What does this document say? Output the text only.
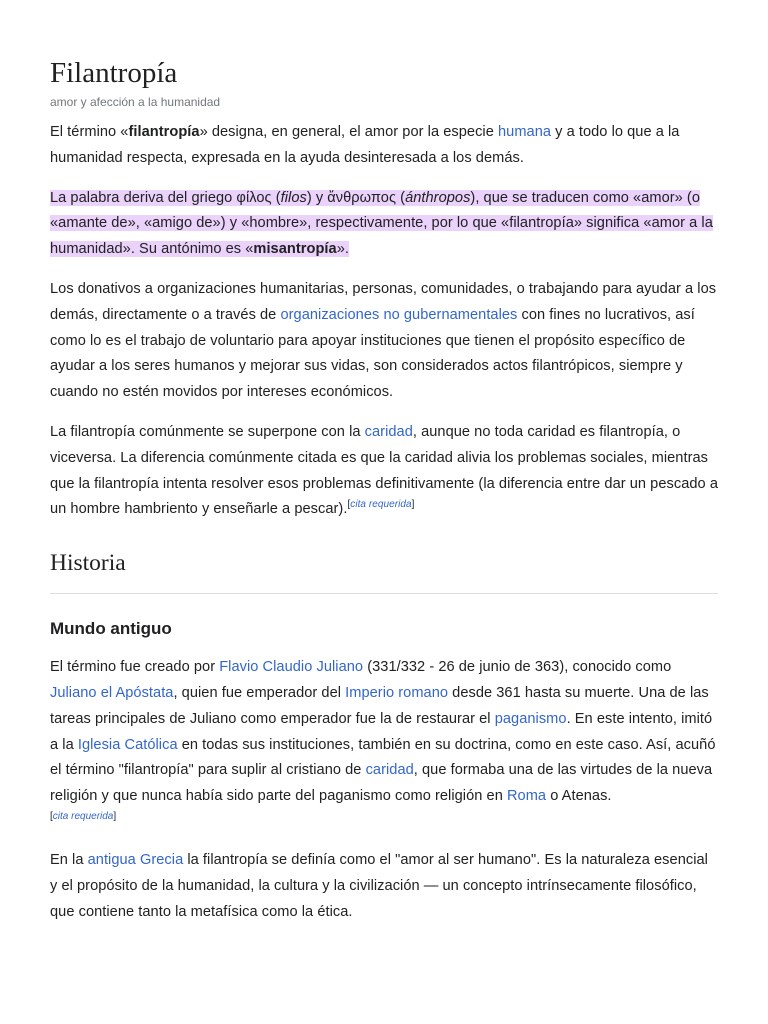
Filantropía
amor y afección a la humanidad

El término «filantropía» designa, en general, el amor por la especie humana y a todo lo que a la humanidad respecta, expresada en la ayuda desinteresada a los demás.

La palabra deriva del griego φίλος (filos) y ἄνθρωπος (ánthropos), que se traducen como «amor» (o «amante de», «amigo de») y «hombre», respectivamente, por lo que «filantropía» significa «amor a la humanidad». Su antónimo es «misantropía».

Los donativos a organizaciones humanitarias, personas, comunidades, o trabajando para ayudar a los demás, directamente o a través de organizaciones no gubernamentales con fines no lucrativos, así como lo es el trabajo de voluntario para apoyar instituciones que tienen el propósito específico de ayudar a los seres humanos y mejorar sus vidas, son considerados actos filantrópicos, siempre y cuando no estén movidos por intereses económicos.

La filantropía comúnmente se superpone con la caridad, aunque no toda caridad es filantropía, o viceversa. La diferencia comúnmente citada es que la caridad alivia los problemas sociales, mientras que la filantropía intenta resolver esos problemas definitivamente (la diferencia entre dar un pescado a un hombre hambriento y enseñarle a pescar).[cita requerida]

Historia
Mundo antiguo

El término fue creado por Flavio Claudio Juliano (331/332 - 26 de junio de 363), conocido como Juliano el Apóstata, quien fue emperador del Imperio romano desde 361 hasta su muerte. Una de las tareas principales de Juliano como emperador fue la de restaurar el paganismo. En este intento, imitó a la Iglesia Católica en todas sus instituciones, también en su doctrina, como en este caso. Así, acuñó el término "filantropía" para suplir al cristiano de caridad, que formaba una de las virtudes de la nueva religión y que nunca había sido parte del paganismo como religión en Roma o Atenas.

[cita requerida]

En la antigua Grecia la filantropía se definía como el "amor al ser humano". Es la naturaleza esencial y el propósito de la humanidad, la cultura y la civilización — un concepto intrínsecamente filosófico, que contiene tanto la metafísica como la ética.
